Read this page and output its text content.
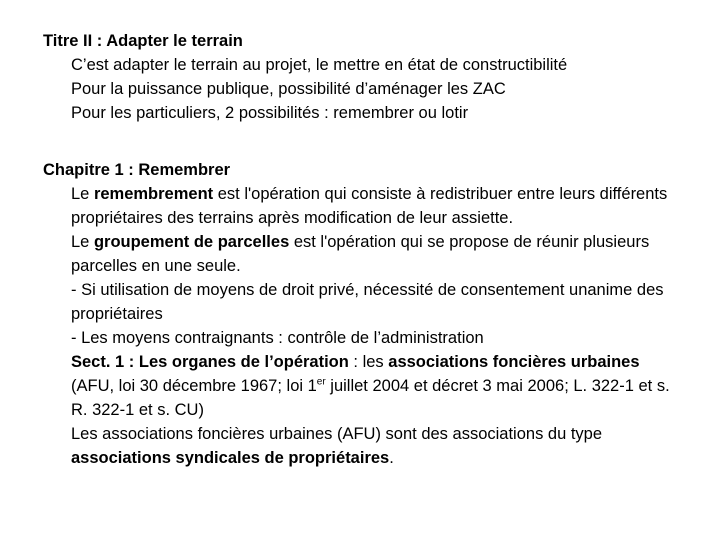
Titre II : Adapter le terrain

C’est adapter le terrain au projet, le mettre en état de constructibilité

Pour la puissance publique, possibilité d’aménager les ZAC

Pour les particuliers, 2 possibilités : remembrer ou lotir

Chapitre 1 : Remembrer

Le remembrement est l'opération qui consiste à redistribuer entre leurs différents propriétaires des terrains après modification de leur assiette.

Le groupement de parcelles est l'opération qui se propose de réunir plusieurs parcelles en une seule.

- Si utilisation de moyens de droit privé, nécessité de consentement unanime des propriétaires

- Les moyens contraignants : contrôle de l’administration

Sect. 1 : Les organes de l’opération : les associations foncières urbaines (AFU, loi 30 décembre 1967; loi 1er juillet 2004 et décret 3 mai 2006; L. 322-1 et s. R. 322-1 et s. CU)

Les associations foncières urbaines (AFU) sont des associations du type associations syndicales de propriétaires.
